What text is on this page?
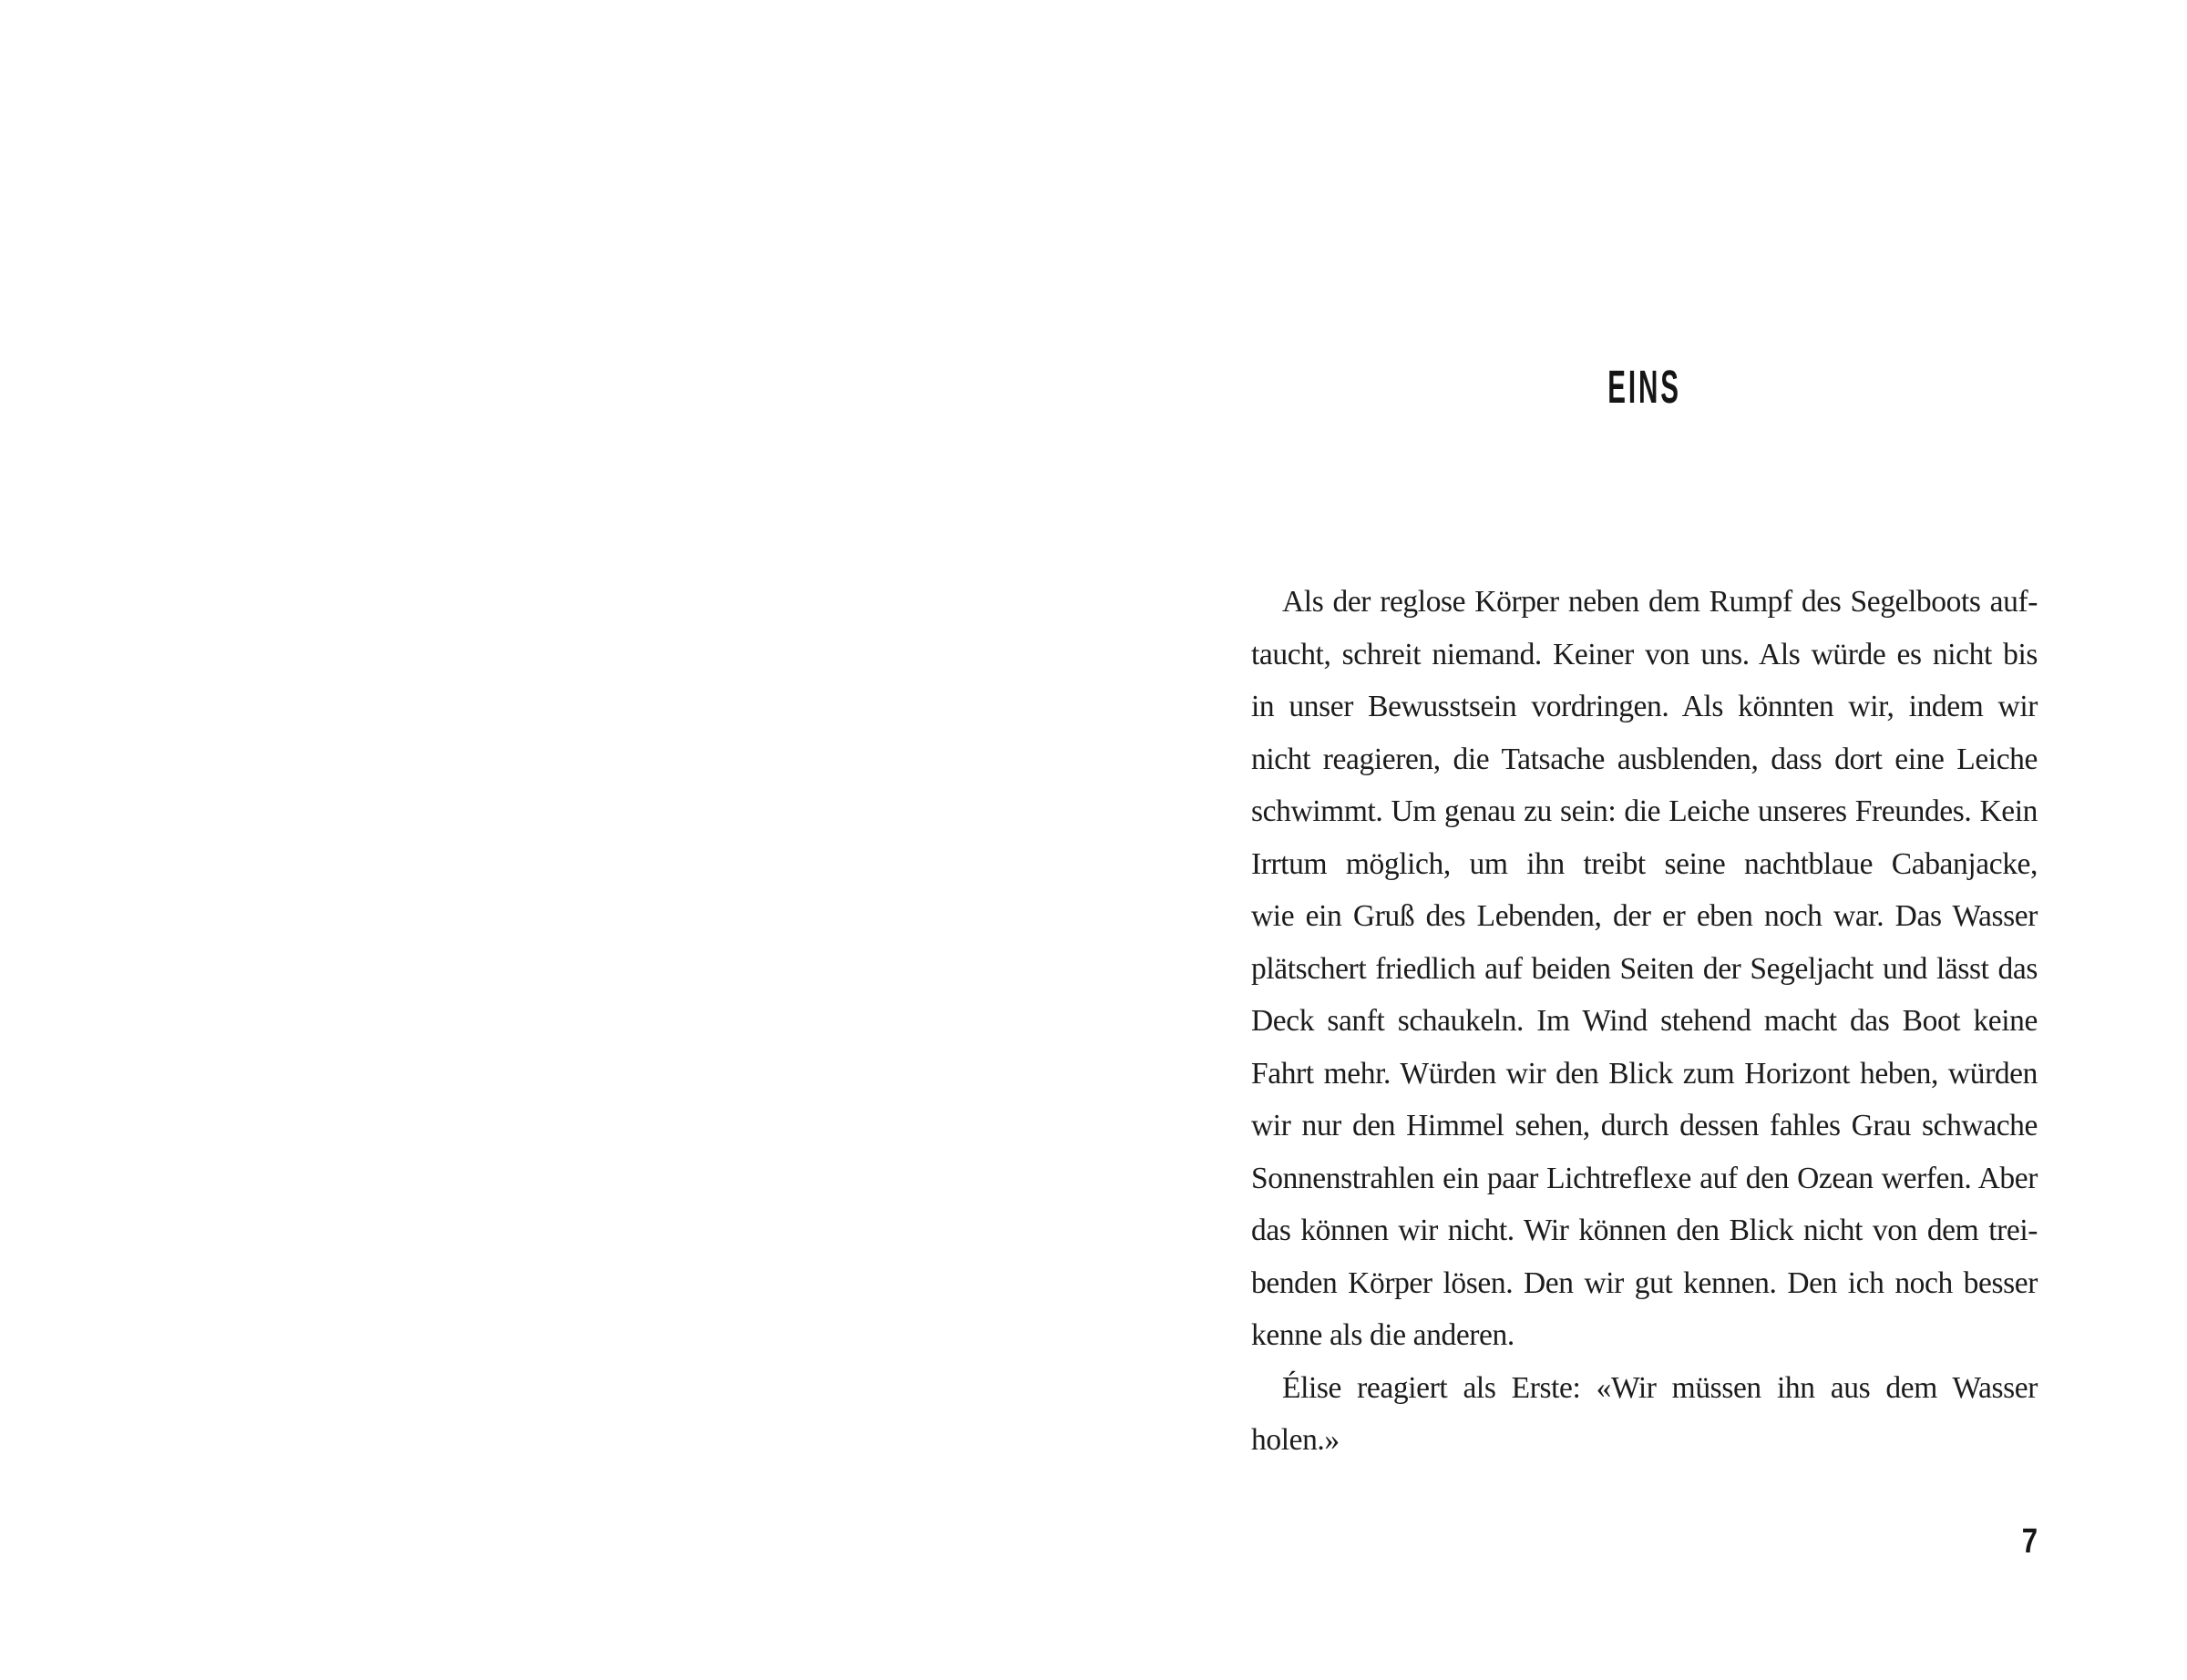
EINS
Als der reglose Körper neben dem Rumpf des Segelboots auf-
taucht, schreit niemand. Keiner von uns. Als würde es nicht bis
in unser Bewusstsein vordringen. Als könnten wir, indem wir
nicht reagieren, die Tatsache ausblenden, dass dort eine Leiche
schwimmt. Um genau zu sein: die Leiche unseres Freundes. Kein
Irrtum möglich, um ihn treibt seine nachtblaue Cabanjacke,
wie ein Gruß des Lebenden, der er eben noch war. Das Wasser
plätschert friedlich auf beiden Seiten der Segeljacht und lässt das
Deck sanft schaukeln. Im Wind stehend macht das Boot keine
Fahrt mehr. Würden wir den Blick zum Horizont heben, würden
wir nur den Himmel sehen, durch dessen fahles Grau schwache
Sonnenstrahlen ein paar Lichtreflexe auf den Ozean werfen. Aber
das können wir nicht. Wir können den Blick nicht von dem trei-
benden Körper lösen. Den wir gut kennen. Den ich noch besser
kenne als die anderen.
Élise reagiert als Erste: «Wir müssen ihn aus dem Wasser
holen.»
7
